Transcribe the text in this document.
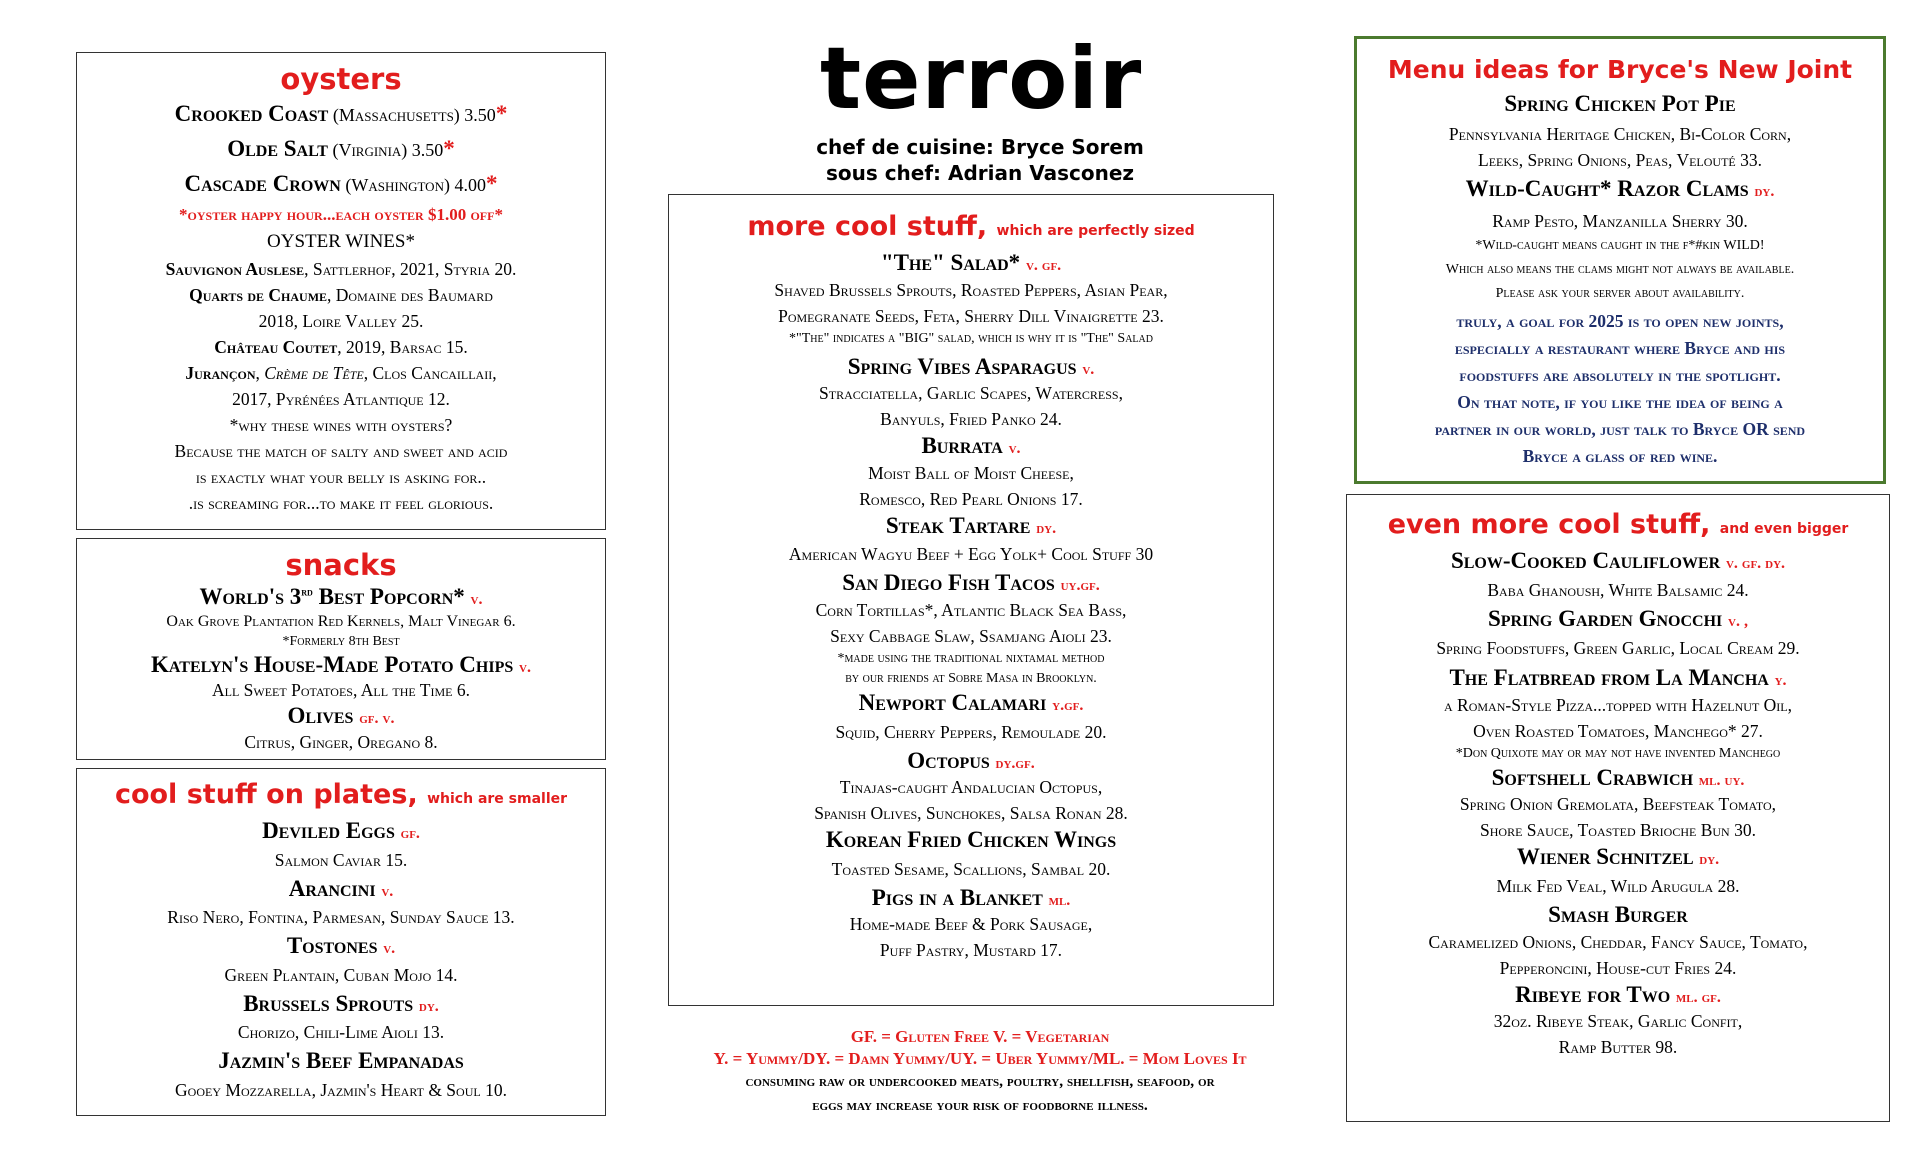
terroir
chef de cuisine: Bryce Sorem
sous chef: Adrian Vasconez
oysters
Crooked Coast (Massachusetts) 3.50*
Olde Salt (Virginia) 3.50*
Cascade Crown (Washington) 4.00*
*oyster happy hour...each oyster $1.00 off*
OYSTER WINES*
Sauvignon Auslese, Sattlerhof, 2021, Styria 20.
Quarts de Chaume, Domaine des Baumard
2018, Loire Valley 25.
Château Coutet, 2019, Barsac 15.
Jurançon, Crème de Tête, Clos Cancaillaii,
2017, Pyrénées Atlantique 12.
*why these wines with oysters?
Because the match of salty and sweet and acid
is exactly what your belly is asking for..
.is screaming for...to make it feel glorious.
snacks
World's 3rd Best Popcorn* v.
Oak Grove Plantation Red Kernels, Malt Vinegar 6.
*Formerly 8th Best
Katelyn's House-Made Potato Chips v.
All Sweet Potatoes, All the Time 6.
Olives gf. v.
Citrus, Ginger, Oregano 8.
cool stuff on plates, which are smaller
Deviled Eggs gf.
Salmon Caviar 15.
Arancini v.
Riso Nero, Fontina, Parmesan, Sunday Sauce 13.
Tostones v.
Green Plantain, Cuban Mojo 14.
Brussels Sprouts dy.
Chorizo, Chili-Lime Aioli 13.
Jazmin's Beef Empanadas
Gooey Mozzarella, Jazmin's Heart & Soul 10.
more cool stuff, which are perfectly sized
"The" Salad* v. gf.
Shaved Brussels Sprouts, Roasted Peppers, Asian Pear,
Pomegranate Seeds, Feta, Sherry Dill Vinaigrette 23.
*"The" indicates a "BIG" salad, which is why it is "The" Salad
Spring Vibes Asparagus v.
Stracciatella, Garlic Scapes, Watercress,
Banyuls, Fried Panko 24.
Burrata v.
Moist Ball of Moist Cheese,
Romesco, Red Pearl Onions 17.
Steak Tartare dy.
American Wagyu Beef + Egg Yolk+ Cool Stuff 30
San Diego Fish Tacos uy.gf.
Corn Tortillas*, Atlantic Black Sea Bass,
Sexy Cabbage Slaw, Ssamjang Aioli 23.
*made using the traditional nixtamal method
by our friends at Sobre Masa in Brooklyn.
Newport Calamari y.gf.
Squid, Cherry Peppers, Remoulade 20.
Octopus dy.gf.
Tinajas-caught Andalucian Octopus,
Spanish Olives, Sunchokes, Salsa Ronan 28.
Korean Fried Chicken Wings
Toasted Sesame, Scallions, Sambal 20.
Pigs in a Blanket ml.
Home-made Beef & Pork Sausage,
Puff Pastry, Mustard 17.
GF. = Gluten Free V. = Vegetarian
Y. = Yummy/DY. = Damn Yummy/UY. = Uber Yummy/ML. = Mom Loves It
consuming raw or undercooked meats, poultry, shellfish, seafood, or
eggs may increase your risk of foodborne illness.
Menu ideas for Bryce's New Joint
Spring Chicken Pot Pie
Pennsylvania Heritage Chicken, Bi-Color Corn,
Leeks, Spring Onions, Peas, Velouté 33.
Wild-Caught* Razor Clams dy.
Ramp Pesto, Manzanilla Sherry 30.
*Wild-caught means caught in the f*#kin WILD!
Which also means the clams might not always be available.
Please ask your server about availability.
truly, a goal for 2025 is to open new joints,
especially a restaurant where Bryce and his
foodstuffs are absolutely in the spotlight.
On that note, if you like the idea of being a
partner in our world, just talk to Bryce OR send
Bryce a glass of red wine.
even more cool stuff, and even bigger
Slow-Cooked Cauliflower v. gf. dy.
Baba Ghanoush, White Balsamic 24.
Spring Garden Gnocchi v. ,
Spring Foodstuffs, Green Garlic, Local Cream 29.
The Flatbread from La Mancha y.
a Roman-Style Pizza...topped with Hazelnut Oil,
Oven Roasted Tomatoes, Manchego* 27.
*Don Quixote may or may not have invented Manchego
Softshell Crabwich ml. uy.
Spring Onion Gremolata, Beefsteak Tomato,
Shore Sauce, Toasted Brioche Bun 30.
Wiener Schnitzel dy.
Milk Fed Veal, Wild Arugula 28.
Smash Burger
Caramelized Onions, Cheddar, Fancy Sauce, Tomato,
Pepperoncini, House-cut Fries 24.
Ribeye for Two ml. gf.
32oz. Ribeye Steak, Garlic Confit,
Ramp Butter 98.
